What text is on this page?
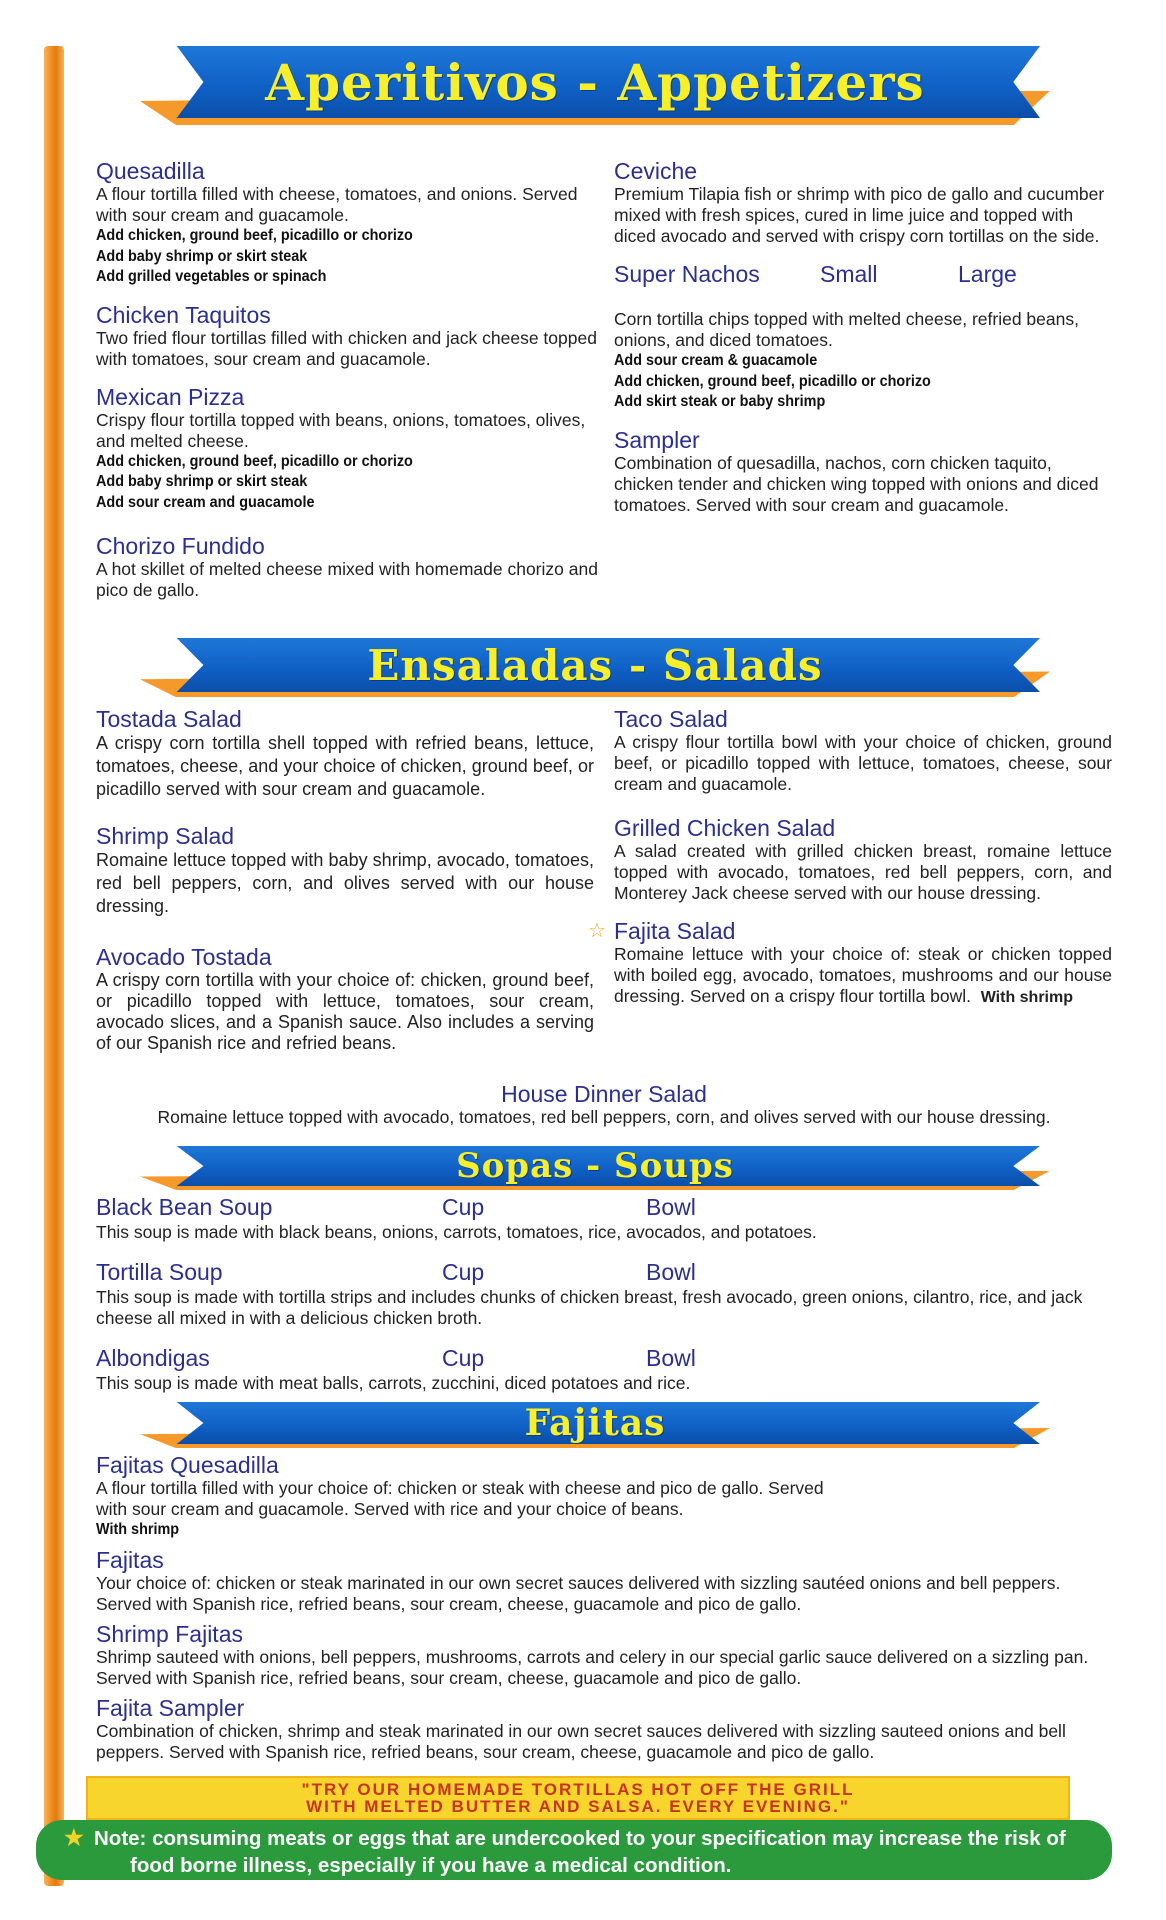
Aperitivos - Appetizers
Quesadilla
A flour tortilla filled with cheese, tomatoes, and onions. Served with sour cream and guacamole.
Add chicken, ground beef, picadillo or chorizo
Add baby shrimp or skirt steak
Add grilled vegetables or spinach
Chicken Taquitos
Two fried flour tortillas filled with chicken and jack cheese topped with tomatoes, sour cream and guacamole.
Mexican Pizza
Crispy flour tortilla topped with beans, onions, tomatoes, olives, and melted cheese.
Add chicken, ground beef, picadillo or chorizo
Add baby shrimp or skirt steak
Add sour cream and guacamole
Chorizo Fundido
A hot skillet of melted cheese mixed with homemade chorizo and pico de gallo.
Ceviche
Premium Tilapia fish or shrimp with pico de gallo and cucumber mixed with fresh spices, cured in lime juice and topped with diced avocado and served with crispy corn tortillas on the side.
Super Nachos	Small	Large
Corn tortilla chips topped with melted cheese, refried beans, onions, and diced tomatoes.
Add sour cream & guacamole
Add chicken, ground beef, picadillo or chorizo
Add skirt steak or baby shrimp
Sampler
Combination of quesadilla, nachos, corn chicken taquito, chicken tender and chicken wing topped with onions and diced tomatoes. Served with sour cream and guacamole.
Ensaladas - Salads
Tostada Salad
A crispy corn tortilla shell topped with refried beans, lettuce, tomatoes, cheese, and your choice of chicken, ground beef, or picadillo served with sour cream and guacamole.
Shrimp Salad
Romaine lettuce topped with baby shrimp, avocado, tomatoes, red bell peppers, corn, and olives served with our house dressing.
Avocado Tostada
A crispy corn tortilla with your choice of: chicken, ground beef, or picadillo topped with lettuce, tomatoes, sour cream, avocado slices, and a Spanish sauce. Also includes a serving of our Spanish rice and refried beans.
Taco Salad
A crispy flour tortilla bowl with your choice of chicken, ground beef, or picadillo topped with lettuce, tomatoes, cheese, sour cream and guacamole.
Grilled Chicken Salad
A salad created with grilled chicken breast, romaine lettuce topped with avocado, tomatoes, red bell peppers, corn, and Monterey Jack cheese served with our house dressing.
☆ Fajita Salad
Romaine lettuce with your choice of: steak or chicken topped with boiled egg, avocado, tomatoes, mushrooms and our house dressing. Served on a crispy flour tortilla bowl. With shrimp
House Dinner Salad
Romaine lettuce topped with avocado, tomatoes, red bell peppers, corn, and olives served with our house dressing.
Sopas - Soups
Black Bean Soup	Cup	Bowl
This soup is made with black beans, onions, carrots, tomatoes, rice, avocados, and potatoes.
Tortilla Soup	Cup	Bowl
This soup is made with tortilla strips and includes chunks of chicken breast, fresh avocado, green onions, cilantro, rice, and jack cheese all mixed in with a delicious chicken broth.
Albondigas	Cup	Bowl
This soup is made with meat balls, carrots, zucchini, diced potatoes and rice.
Fajitas
Fajitas Quesadilla
A flour tortilla filled with your choice of: chicken or steak with cheese and pico de gallo. Served with sour cream and guacamole. Served with rice and your choice of beans.
With shrimp
Fajitas
Your choice of: chicken or steak marinated in our own secret sauces delivered with sizzling sautéed onions and bell peppers. Served with Spanish rice, refried beans, sour cream, cheese, guacamole and pico de gallo.
Shrimp Fajitas
Shrimp sauteed with onions, bell peppers, mushrooms, carrots and celery in our special garlic sauce delivered on a sizzling pan. Served with Spanish rice, refried beans, sour cream, cheese, guacamole and pico de gallo.
Fajita Sampler
Combination of chicken, shrimp and steak marinated in our own secret sauces delivered with sizzling sauteed onions and bell peppers. Served with Spanish rice, refried beans, sour cream, cheese, guacamole and pico de gallo.
"TRY OUR HOMEMADE TORTILLAS HOT OFF THE GRILL
WITH MELTED BUTTER AND SALSA. EVERY EVENING."
★ Note: consuming meats or eggs that are undercooked to your specification may increase the risk of
food borne illness, especially if you have a medical condition.
